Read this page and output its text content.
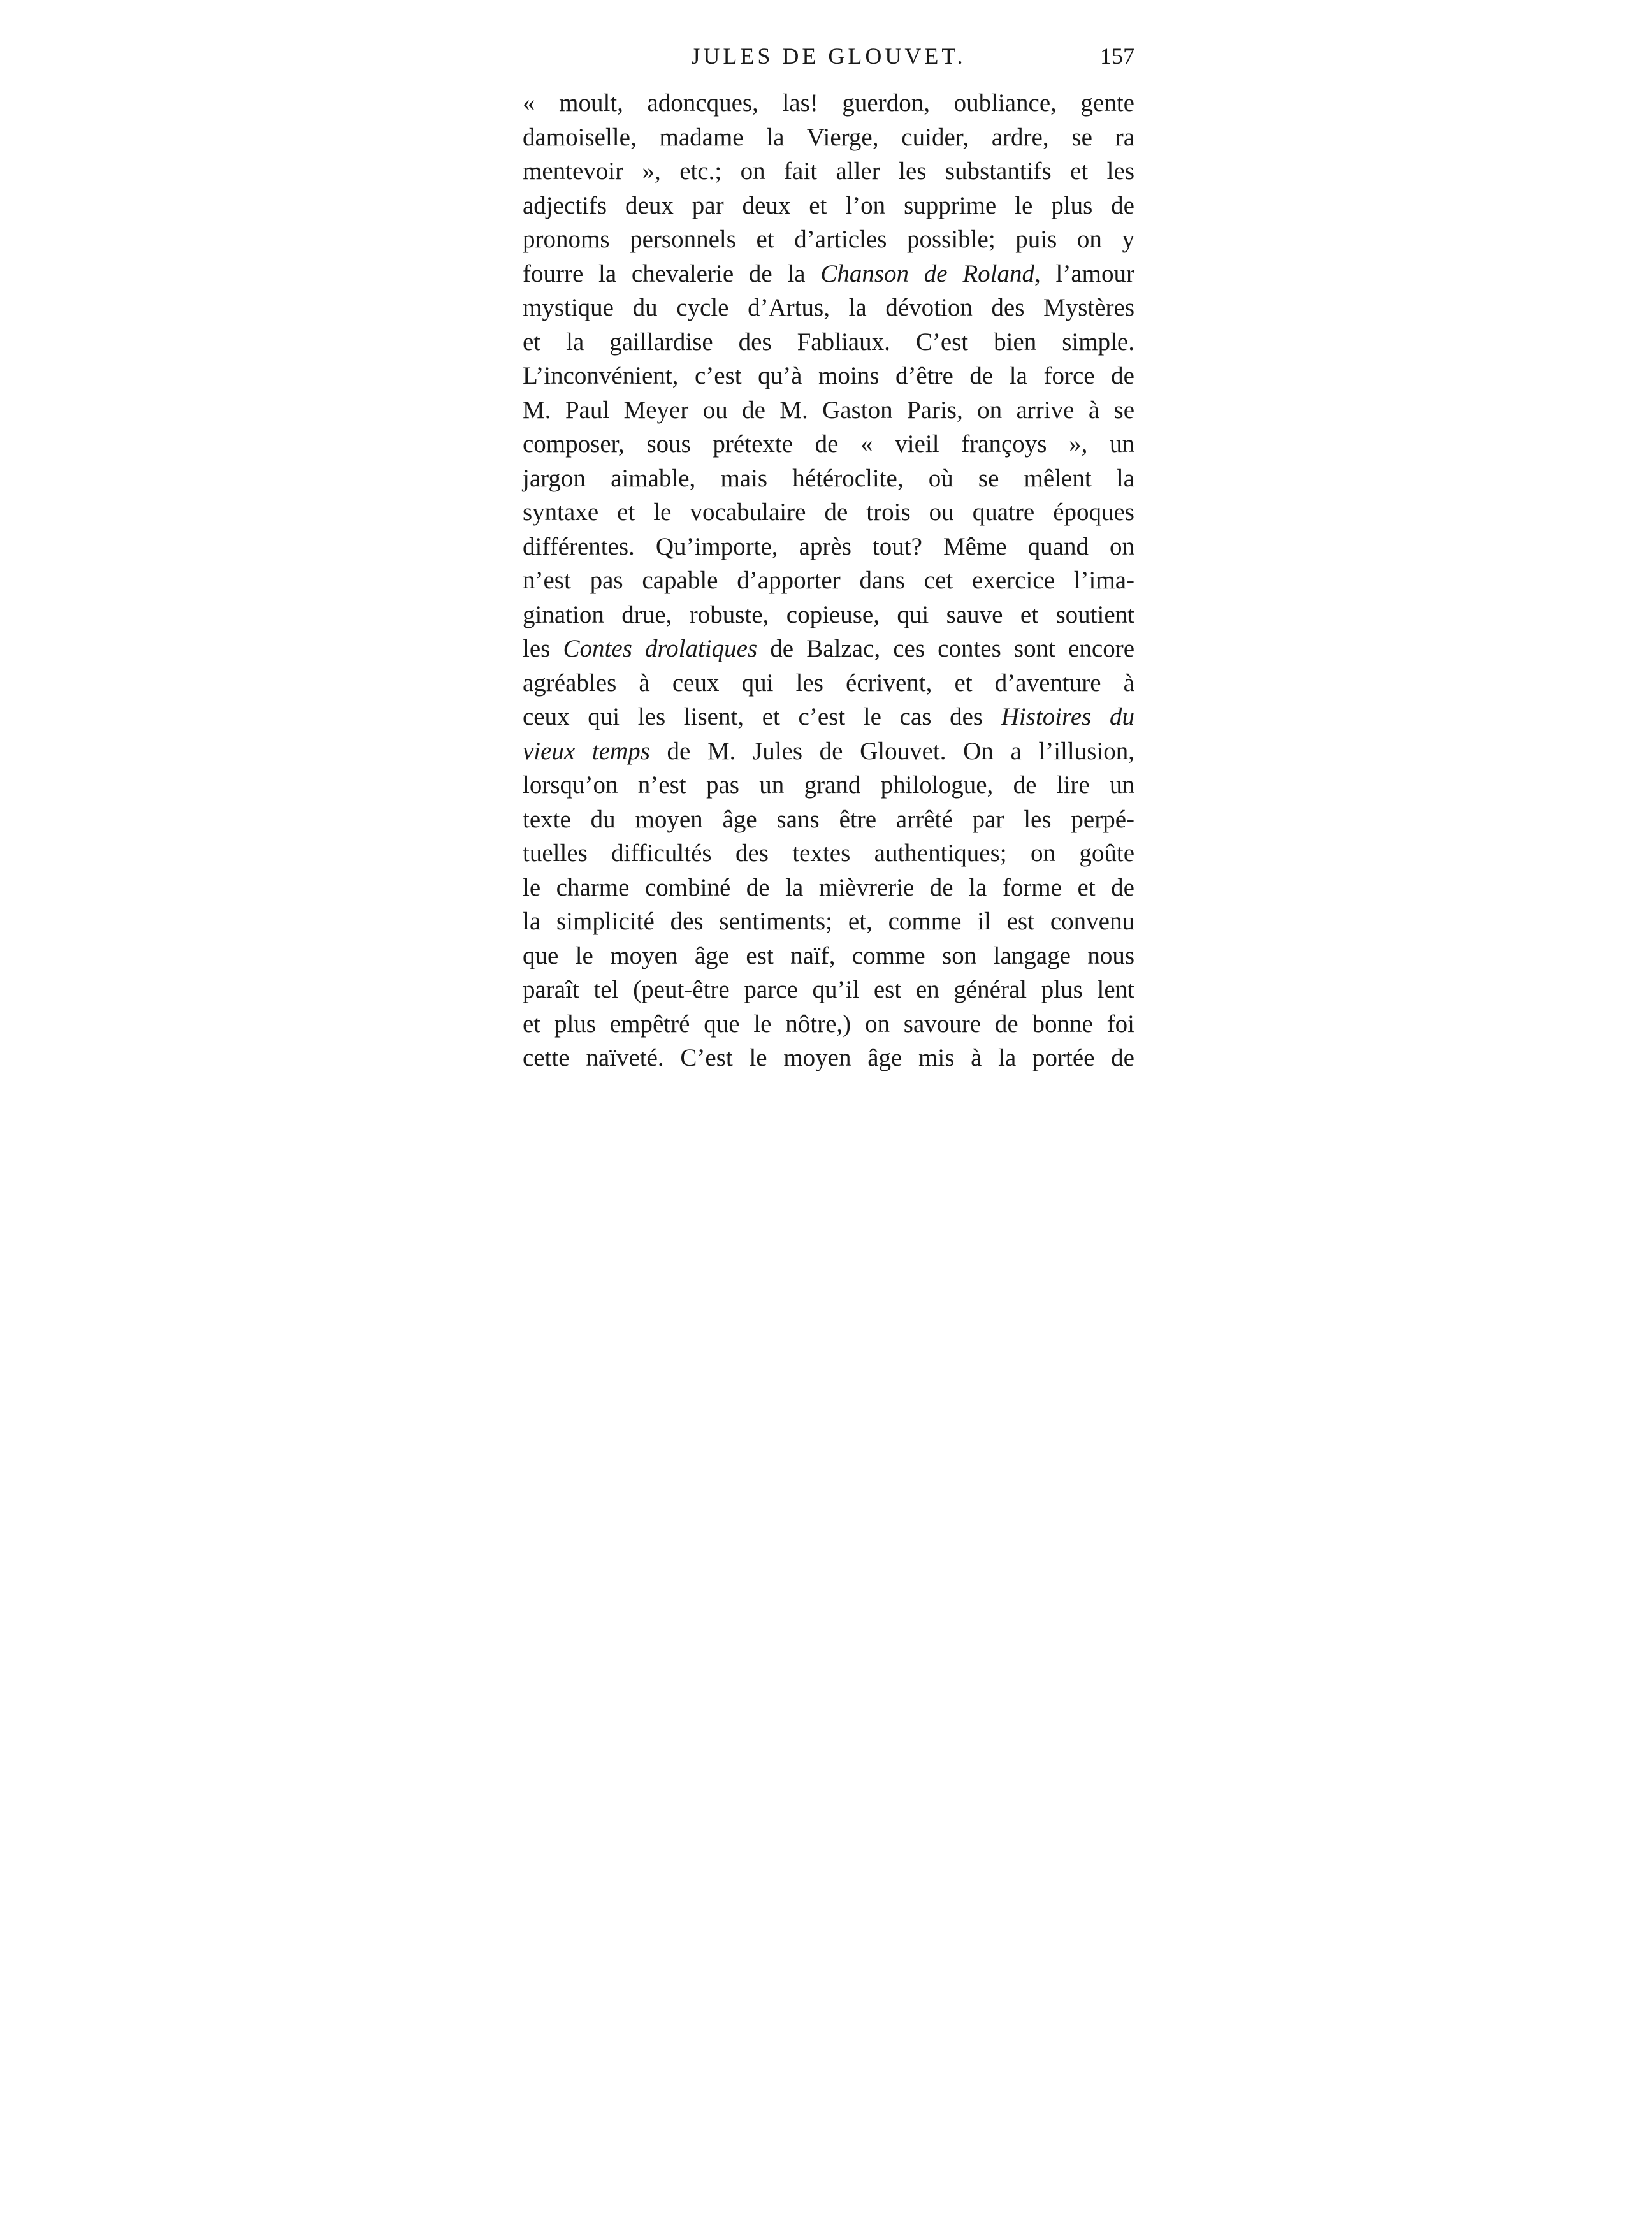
JULES DE GLOUVET.	157
« moult, adoncques, las! guerdon, oubliance, gente
damoiselle, madame la Vierge, cuider, ardre, se ra
mentevoir », etc.; on fait aller les substantifs et les
adjectifs deux par deux et l’on supprime le plus de
pronoms personnels et d’articles possible; puis on y
fourre la chevalerie de la Chanson de Roland, l’amour
mystique du cycle d’Artus, la dévotion des Mystères
et la gaillardise des Fabliaux. C’est bien simple.
L’inconvénient, c’est qu’à moins d’être de la force de
M. Paul Meyer ou de M. Gaston Paris, on arrive à se
composer, sous prétexte de « vieil françoys », un
jargon aimable, mais hétéroclite, où se mêlent la
syntaxe et le vocabulaire de trois ou quatre époques
différentes. Qu’importe, après tout? Même quand on
n’est pas capable d’apporter dans cet exercice l’ima-
gination drue, robuste, copieuse, qui sauve et soutient
les Contes drolatiques de Balzac, ces contes sont encore
agréables à ceux qui les écrivent, et d’aventure à
ceux qui les lisent, et c’est le cas des Histoires du
vieux temps de M. Jules de Glouvet. On a l’illusion,
lorsqu’on n’est pas un grand philologue, de lire un
texte du moyen âge sans être arrêté par les perpé-
tuelles difficultés des textes authentiques; on goûte
le charme combiné de la mièvrerie de la forme et de
la simplicité des sentiments; et, comme il est convenu
que le moyen âge est naïf, comme son langage nous
paraît tel (peut-être parce qu’il est en général plus lent
et plus empêtré que le nôtre,) on savoure de bonne foi
cette naïveté. C’est le moyen âge mis à la portée de
